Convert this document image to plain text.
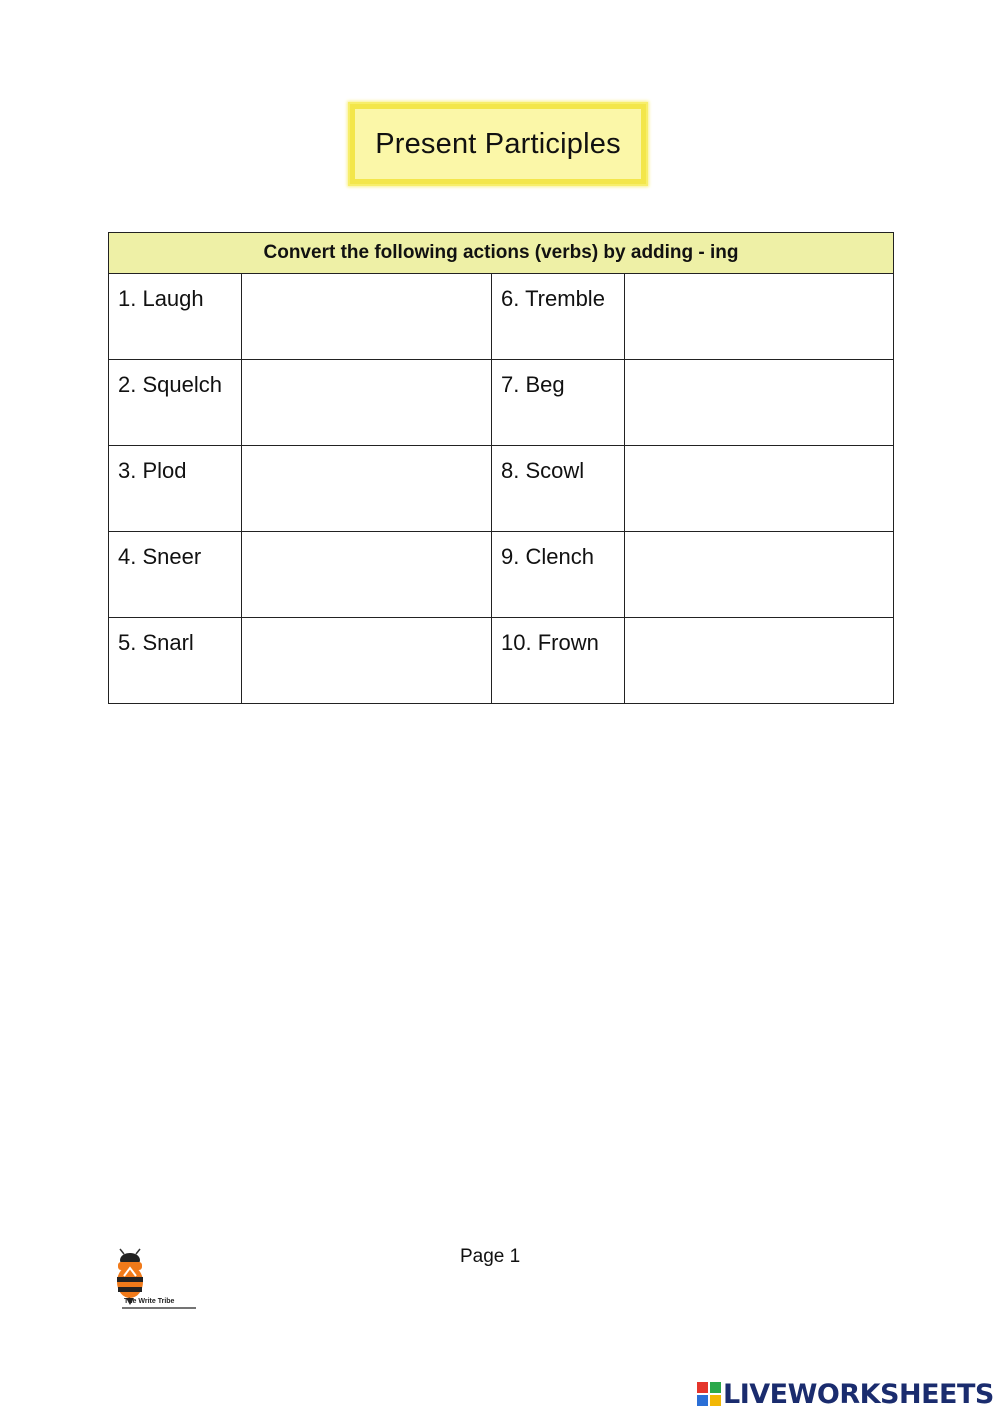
Present Participles
Convert the following actions (verbs) by adding - ing			
1. Laugh		6. Tremble	
2. Squelch		7. Beg	
3. Plod		8. Scowl	
4. Sneer		9. Clench	
5. Snarl		10. Frown	
The Write Tribe
Page 1
LIVEWORKSHEETS
